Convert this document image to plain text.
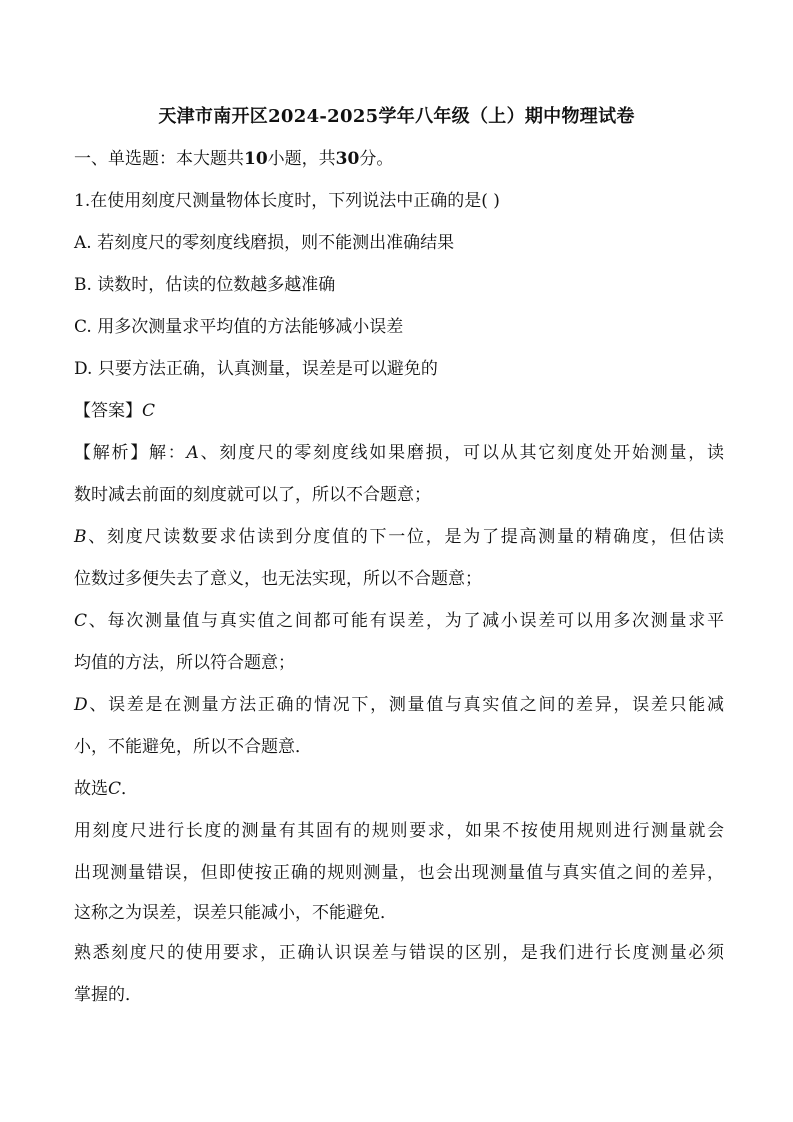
天津市南开区2024-2025学年八年级（上）期中物理试卷
一、单选题：本大题共10小题，共30分。
1.在使用刻度尺测量物体长度时，下列说法中正确的是( )
A. 若刻度尺的零刻度线磨损，则不能测出准确结果
B. 读数时，估读的位数越多越准确
C. 用多次测量求平均值的方法能够减小误差
D. 只要方法正确，认真测量，误差是可以避免的
【答案】C
【解析】解：A、刻度尺的零刻度线如果磨损，可以从其它刻度处开始测量，读
数时减去前面的刻度就可以了，所以不合题意；
B、刻度尺读数要求估读到分度值的下一位，是为了提高测量的精确度，但估读
位数过多便失去了意义，也无法实现，所以不合题意；
C、每次测量值与真实值之间都可能有误差，为了减小误差可以用多次测量求平
均值的方法，所以符合题意；
D、误差是在测量方法正确的情况下，测量值与真实值之间的差异，误差只能减
小，不能避免，所以不合题意．
故选C．
用刻度尺进行长度的测量有其固有的规则要求，如果不按使用规则进行测量就会
出现测量错误，但即使按正确的规则测量，也会出现测量值与真实值之间的差异，
这称之为误差，误差只能减小，不能避免．
熟悉刻度尺的使用要求，正确认识误差与错误的区别，是我们进行长度测量必须
掌握的．
